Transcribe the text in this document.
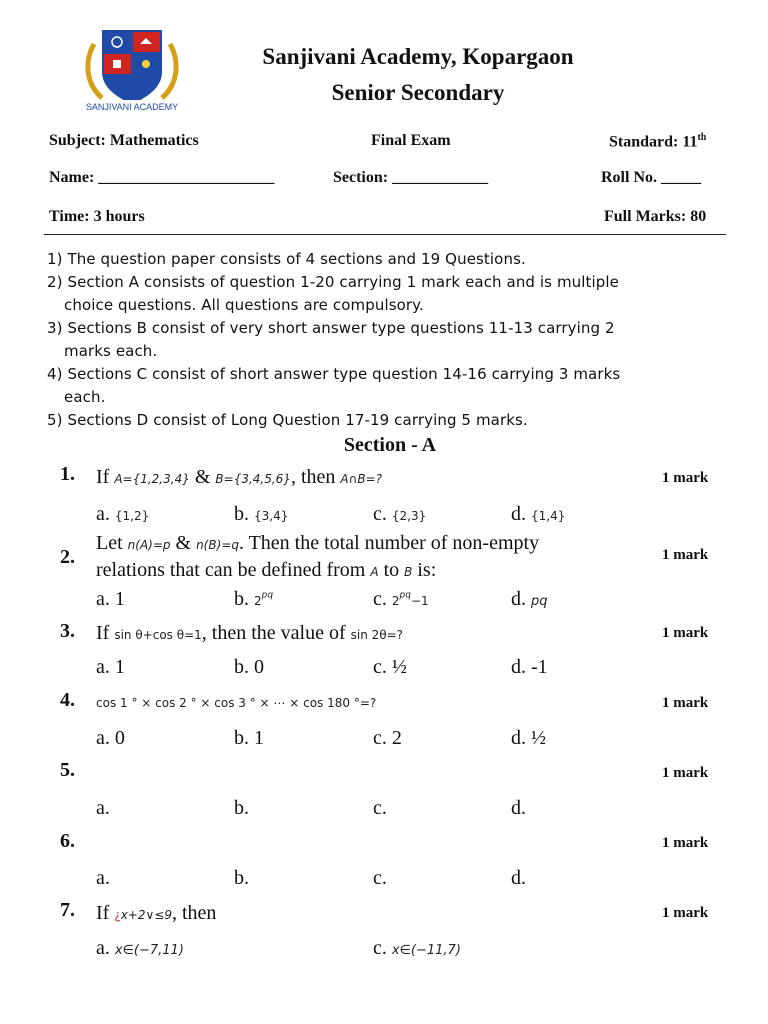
SANJIVANI ACADEMY
Sanjivani Academy, Kopargaon
Senior Secondary
Subject: Mathematics	Final Exam	Standard: 11th
Name: ______________________	Section: ____________	Roll No. _____
Time: 3 hours	Full Marks: 80
1) The question paper consists of 4 sections and 19 Questions.
2) Section A consists of question 1-20 carrying 1 mark each and is multiple
choice questions. All questions are compulsory.
3) Sections B consist of very short answer type questions 11-13 carrying 2
marks each.
4) Sections C consist of short answer type question 14-16 carrying 3 marks
each.
5) Sections D consist of Long Question 17-19 carrying 5 marks.
Section - A
1. If A={1,2,3,4} & B={3,4,5,6}, then A∩B=?	1 mark
a. {1,2}	b. {3,4}	c. {2,3}	d. {1,4}
2.
Let n(A)=p & n(B)=q. Then the total number of non-empty
relations that can be defined from A to B is:
1 mark
a. 1	b. $2^{pq}$	c. $2^{pq}-1$	d. pq
3. If sin θ+cos θ=1, then the value of sin 2θ=?	1 mark
a. 1	b. 0	c. ½	d. -1
4. cos 1 ° × cos 2 ° × cos 3 ° × ⋯ × cos 180 °=?	1 mark
a. 0	b. 1	c. 2	d. ½
5.	1 mark
a.	b.	c.	d.
6.	1 mark
a.	b.	c.	d.
7. If ¿x+2∨≤9, then	1 mark
a. x∈(−7,11)	c. x∈(−11,7)
